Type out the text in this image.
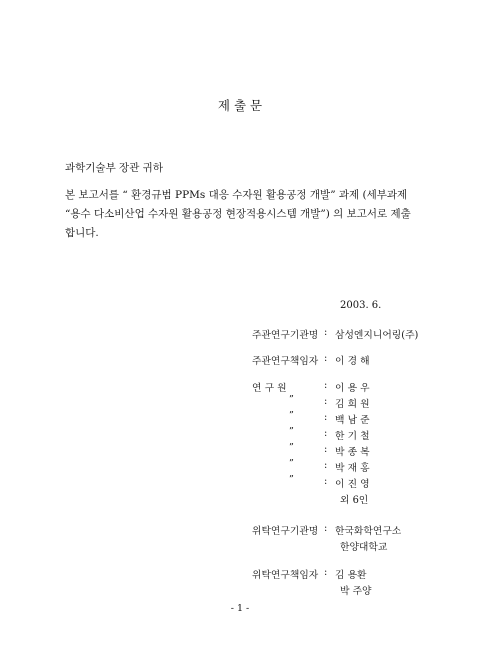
제 출 문
과학기술부 장관 귀하
본 보고서를 “ 환경규범 PPMs 대응 수자원 활용공정 개발” 과제 (세부과제
“용수 다소비산업 수자원 활용공정 현장적용시스템 개발”) 의 보고서로 제출
합니다.
2003. 6.
주관연구기관명 : 삼성엔지니어링(주)
주관연구책임자 : 이 경 해
연 구 원	: 이 용 우
”	: 김 희 원
”	: 백 남 준
”	: 한 기 철
”	: 박 종 복
”	: 박 재 홍
”	: 이 진 영
외 6인
위탁연구기관명 : 한국화학연구소
한양대학교
위탁연구책임자 : 김 용환
박 주양
- 1 -
